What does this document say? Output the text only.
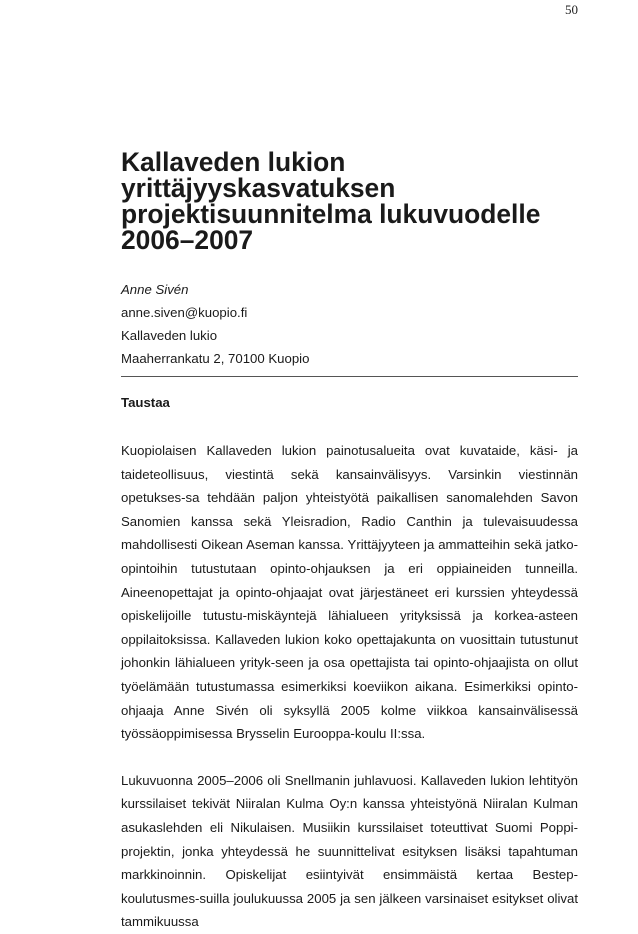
50
Kallaveden lukion yrittäjyyskasvatuksen projektisuunnitelma lukuvuodelle 2006–2007
Anne Sivén
anne.siven@kuopio.fi
Kallaveden lukio
Maaherrankatu 2, 70100 Kuopio
Taustaa

Kuopiolaisen Kallaveden lukion painotusalueita ovat kuvataide, käsi- ja taideteollisuus, viestintä sekä kansainvälisyys. Varsinkin viestinnän opetukses-sa tehdään paljon yhteistyötä paikallisen sanomalehden Savon Sanomien kanssa sekä Yleisradion, Radio Canthin ja tulevaisuudessa mahdollisesti Oikean Aseman kanssa. Yrittäjyyteen ja ammatteihin sekä jatko-opintoihin tutustutaan opinto-ohjauksen ja eri oppiaineiden tunneilla. Aineenopettajat ja opinto-ohjaajat ovat järjestäneet eri kurssien yhteydessä opiskelijoille tutustu-miskäyntejä lähialueen yrityksissä ja korkea-asteen oppilaitoksissa. Kallaveden lukion koko opettajakunta on vuosittain tutustunut johonkin lähialueen yrityk-seen ja osa opettajista tai opinto-ohjaajista on ollut työelämään tutustumassa esimerkiksi koeviikon aikana. Esimerkiksi opinto-ohjaaja Anne Sivén oli syksyllä 2005 kolme viikkoa kansainvälisessä työssäoppimisessa Brysselin Eurooppa-koulu II:ssa.

Lukuvuonna 2005–2006 oli Snellmanin juhlavuosi. Kallaveden lukion lehtityön kurssilaiset tekivät Niiralan Kulma Oy:n kanssa yhteistyönä Niiralan Kulman asukaslehden eli Nikulaisen. Musiikin kurssilaiset toteuttivat Suomi Poppi-projektin, jonka yhteydessä he suunnittelivat esityksen lisäksi tapahtuman markkinoinnin. Opiskelijat esiintyivät ensimmäistä kertaa Bestep- koulutusmes-suilla joulukuussa 2005 ja sen jälkeen varsinaiset esitykset olivat tammikuussa
